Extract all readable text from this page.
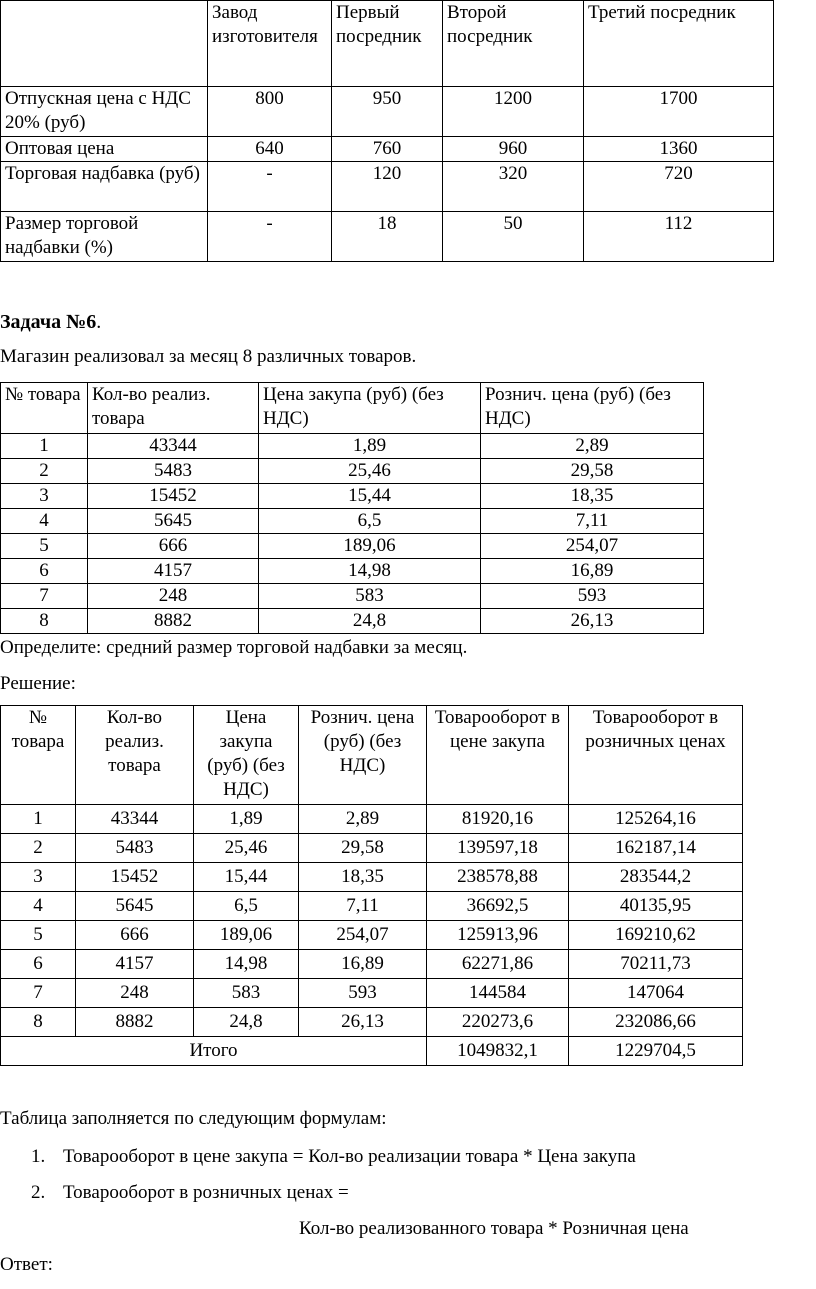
	Завод изготовителя	Первый посредник	Второй посредник	Третий посредник
Отпускная цена с НДС 20% (руб)	800	950	1200	1700
Оптовая цена	640	760	960	1360
Торговая надбавка (руб)	-	120	320	720
Размер торговой надбавки (%)	-	18	50	112

Задача №6.

Магазин реализовал за месяц 8 различных товаров.

№ товара	Кол-во реализ. товара	Цена закупа (руб) (без НДС)	Рознич. цена (руб) (без НДС)
1	43344	1,89	2,89
2	5483	25,46	29,58
3	15452	15,44	18,35
4	5645	6,5	7,11
5	666	189,06	254,07
6	4157	14,98	16,89
7	248	583	593
8	8882	24,8	26,13

Определите: средний размер торговой надбавки за месяц.

Решение:

№ товара	Кол-во реализ. товара	Цена закупа (руб) (без НДС)	Рознич. цена (руб) (без НДС)	Товарооборот в цене закупа	Товарооборот в розничных ценах
1	43344	1,89	2,89	81920,16	125264,16
2	5483	25,46	29,58	139597,18	162187,14
3	15452	15,44	18,35	238578,88	283544,2
4	5645	6,5	7,11	36692,5	40135,95
5	666	189,06	254,07	125913,96	169210,62
6	4157	14,98	16,89	62271,86	70211,73
7	248	583	593	144584	147064
8	8882	24,8	26,13	220273,6	232086,66
Итого				1049832,1	1229704,5

Таблица заполняется по следующим формулам:

1. Товарооборот в цене закупа = Кол-во реализации товара * Цена закупа

2. Товарооборот в розничных ценах =

Кол-во реализованного товара * Розничная цена

Ответ:
